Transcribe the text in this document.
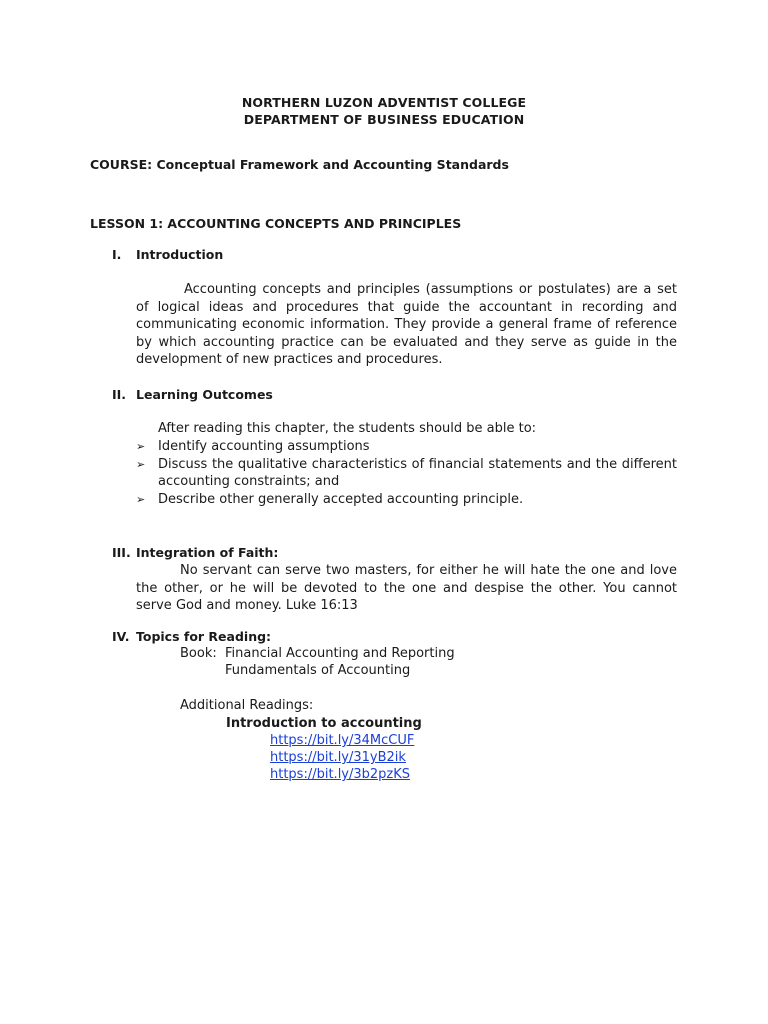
NORTHERN LUZON ADVENTIST COLLEGE
DEPARTMENT OF BUSINESS EDUCATION
COURSE: Conceptual Framework and Accounting Standards
LESSON 1: ACCOUNTING CONCEPTS AND PRINCIPLES
I. Introduction
Accounting concepts and principles (assumptions or postulates) are a set of logical ideas and procedures that guide the accountant in recording and communicating economic information. They provide a general frame of reference by which accounting practice can be evaluated and they serve as guide in the development of new practices and procedures.
II. Learning Outcomes
After reading this chapter, the students should be able to:
➢ Identify accounting assumptions
➢ Discuss the qualitative characteristics of financial statements and the different accounting constraints; and
➢ Describe other generally accepted accounting principle.
III. Integration of Faith:
No servant can serve two masters, for either he will hate the one and love the other, or he will be devoted to the one and despise the other. You cannot serve God and money. Luke 16:13
IV. Topics for Reading:
Book: Financial Accounting and Reporting
Fundamentals of Accounting
Additional Readings:
Introduction to accounting
https://bit.ly/34McCUF
https://bit.ly/31yB2ik
https://bit.ly/3b2pzKS
